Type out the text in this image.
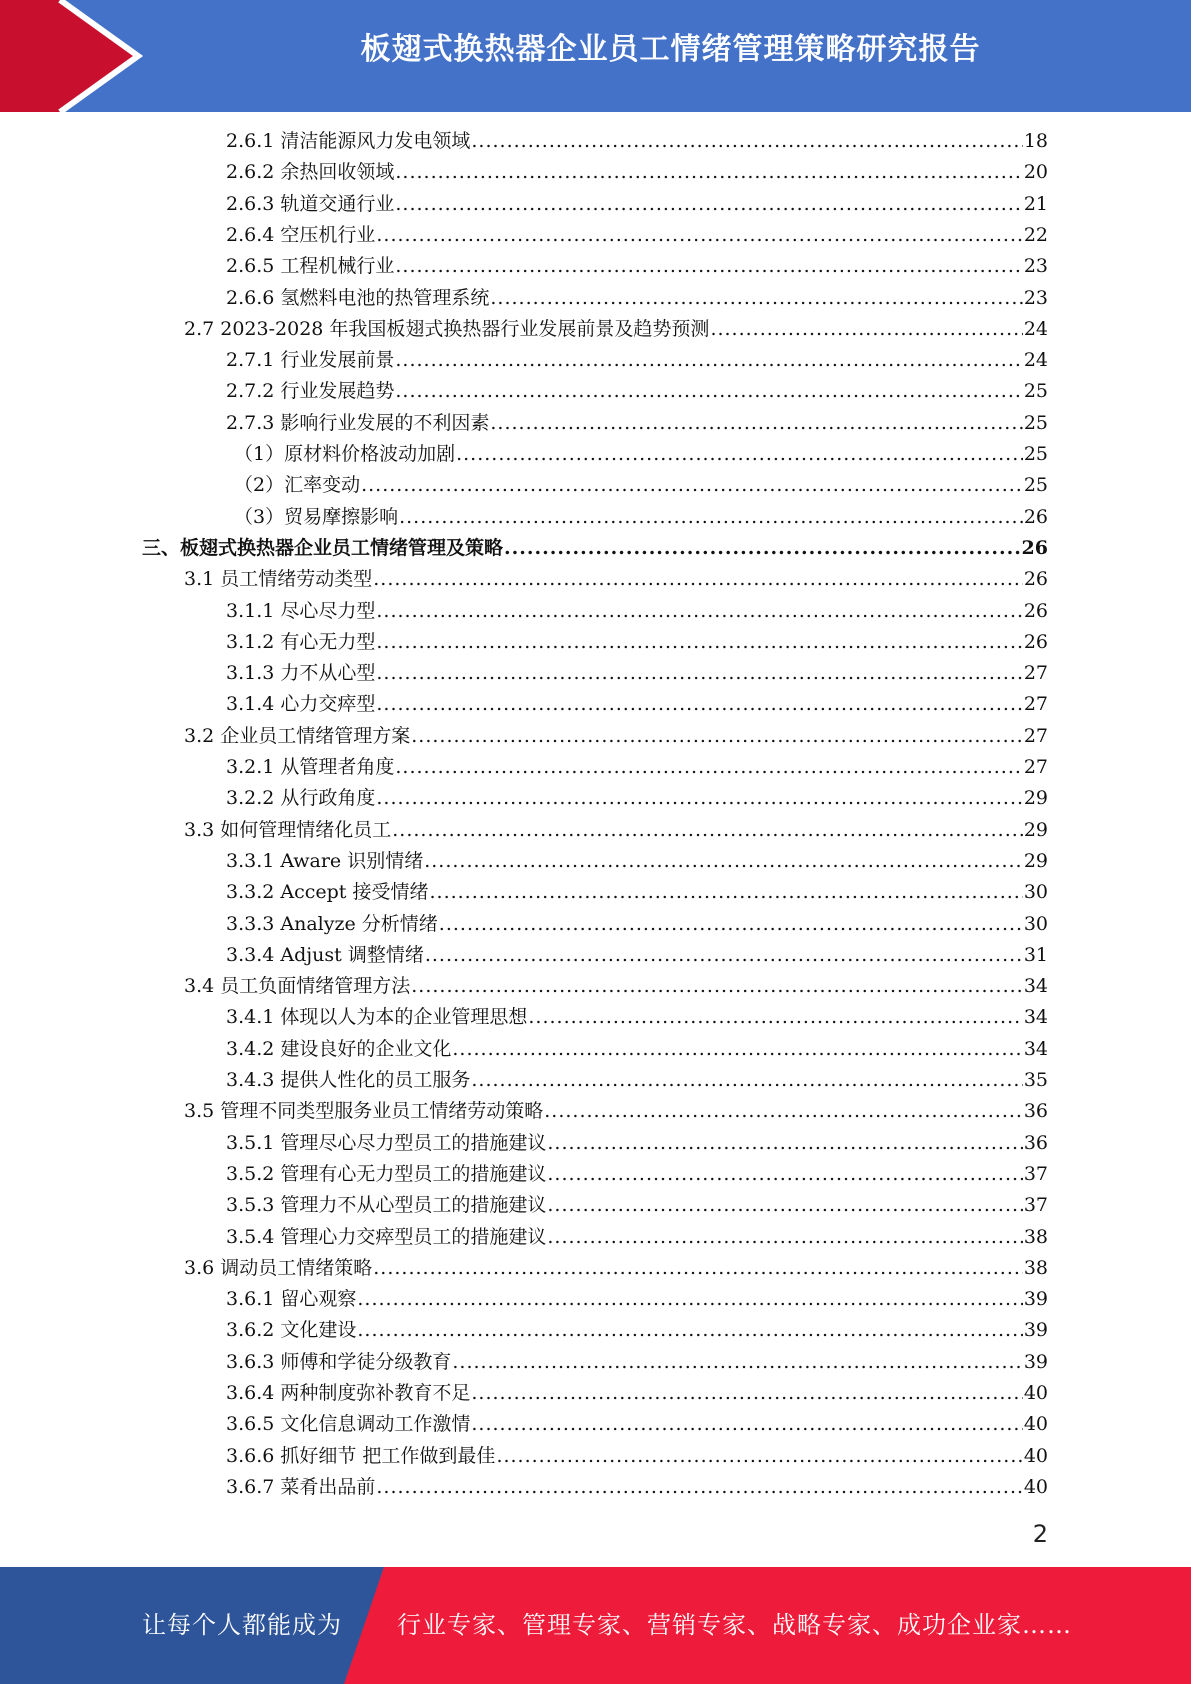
板翅式换热器企业员工情绪管理策略研究报告
2.6.1 清洁能源风力发电领域 .....	18
2.6.2 余热回收领域 .....	20
2.6.3 轨道交通行业 .....	21
2.6.4 空压机行业 .....	22
2.6.5 工程机械行业 .....	23
2.6.6 氢燃料电池的热管理系统 .....	23
2.7 2023-2028 年我国板翅式换热器行业发展前景及趋势预测 .....	24
2.7.1 行业发展前景 .....	24
2.7.2 行业发展趋势 .....	25
2.7.3 影响行业发展的不利因素 .....	25
（1）原材料价格波动加剧 .....	25
（2）汇率变动 .....	25
（3）贸易摩擦影响 .....	26
三、板翅式换热器企业员工情绪管理及策略 .....	26
3.1 员工情绪劳动类型 .....	26
3.1.1 尽心尽力型 .....	26
3.1.2 有心无力型 .....	26
3.1.3 力不从心型 .....	27
3.1.4 心力交瘁型 .....	27
3.2 企业员工情绪管理方案 .....	27
3.2.1 从管理者角度 .....	27
3.2.2 从行政角度 .....	29
3.3 如何管理情绪化员工 .....	29
3.3.1 Aware 识别情绪 .....	29
3.3.2 Accept 接受情绪 .....	30
3.3.3 Analyze 分析情绪 .....	30
3.3.4 Adjust 调整情绪 .....	31
3.4 员工负面情绪管理方法 .....	34
3.4.1 体现以人为本的企业管理思想 .....	34
3.4.2 建设良好的企业文化 .....	34
3.4.3 提供人性化的员工服务 .....	35
3.5 管理不同类型服务业员工情绪劳动策略 .....	36
3.5.1 管理尽心尽力型员工的措施建议 .....	36
3.5.2 管理有心无力型员工的措施建议 .....	37
3.5.3 管理力不从心型员工的措施建议 .....	37
3.5.4 管理心力交瘁型员工的措施建议 .....	38
3.6 调动员工情绪策略 .....	38
3.6.1 留心观察 .....	39
3.6.2 文化建设 .....	39
3.6.3 师傅和学徒分级教育 .....	39
3.6.4 两种制度弥补教育不足 .....	40
3.6.5 文化信息调动工作激情 .....	40
3.6.6 抓好细节 把工作做到最佳 .....	40
3.6.7 菜肴出品前 .....	40
2
让每个人都能成为 行业专家、管理专家、营销专家、战略专家、成功企业家……
